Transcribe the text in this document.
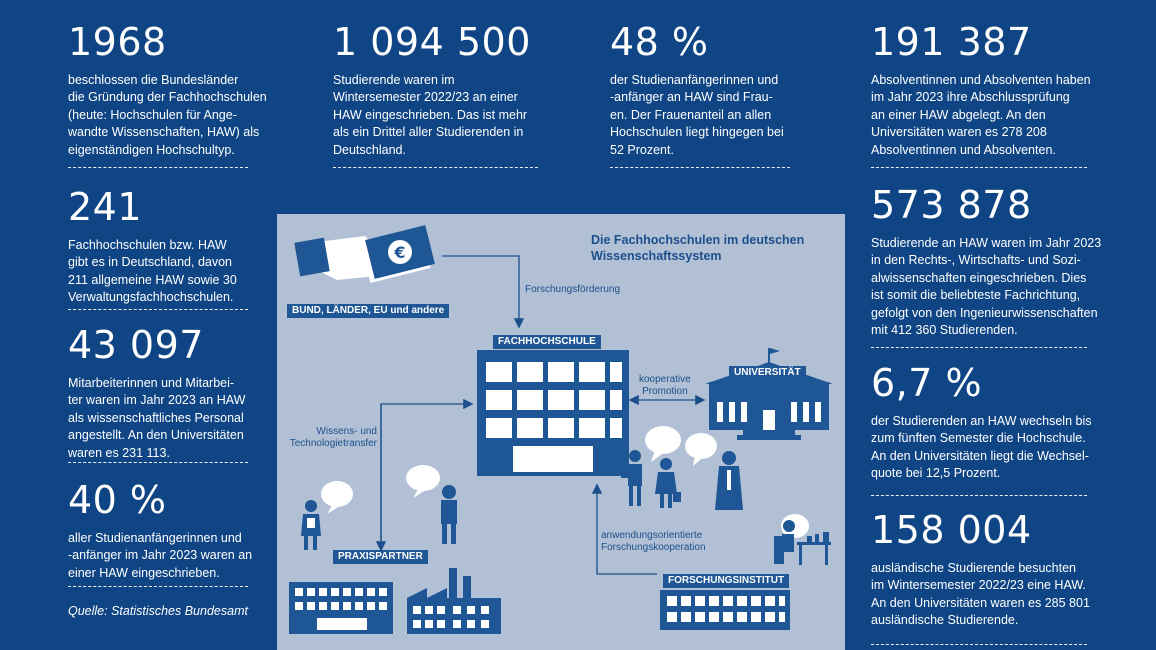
1968
beschlossen die Bundesländer
die Gründung der Fachhochschulen
(heute: Hochschulen für Ange-
wandte Wissenschaften, HAW) als
eigenständigen Hochschultyp.
241
Fachhochschulen bzw. HAW
gibt es in Deutschland, davon
211 allgemeine HAW sowie 30
Verwaltungsfachhochschulen.
43 097
Mitarbeiterinnen und Mitarbei-
ter waren im Jahr 2023 an HAW
als wissenschaftliches Personal
angestellt. An den Universitäten
waren es 231 113.
40 %
aller Studienanfängerinnen und
-anfänger im Jahr 2023 waren an
einer HAW eingeschrieben.
Quelle: Statistisches Bundesamt
1 094 500
Studierende waren im
Wintersemester 2022/23 an einer
HAW eingeschrieben. Das ist mehr
als ein Drittel aller Studierenden in
Deutschland.
48 %
der Studienanfängerinnen und
-anfänger an HAW sind Frau-
en. Der Frauenanteil an allen
Hochschulen liegt hingegen bei
52 Prozent.
191 387
Absolventinnen und Absolventen haben
im Jahr 2023 ihre Abschlussprüfung
an einer HAW abgelegt. An den
Universitäten waren es 278 208
Absolventinnen und Absolventen.
573 878
Studierende an HAW waren im Jahr 2023
in den Rechts-, Wirtschafts- und Sozi-
alwissenschaften eingeschrieben. Dies
ist somit die beliebteste Fachrichtung,
gefolgt von den Ingenieurwissenschaften
mit 412 360 Studierenden.
6,7 %
der Studierenden an HAW wechseln bis
zum fünften Semester die Hochschule.
An den Universitäten liegt die Wechsel-
quote bei 12,5 Prozent.
158 004
ausländische Studierende besuchten
im Wintersemester 2022/23 eine HAW.
An den Universitäten waren es 285 801
ausländische Studierende.
€
Die Fachhochschulen im deutschen
Wissenschaftssystem
BUND, LÄNDER, EU und andere
FACHHOCHSCHULE
UNIVERSITÄT
PRAXISPARTNER
FORSCHUNGSINSTITUT
Forschungsförderung
kooperative
Promotion
Wissens- und
Technologietransfer
anwendungsorientierte
Forschungskooperation
